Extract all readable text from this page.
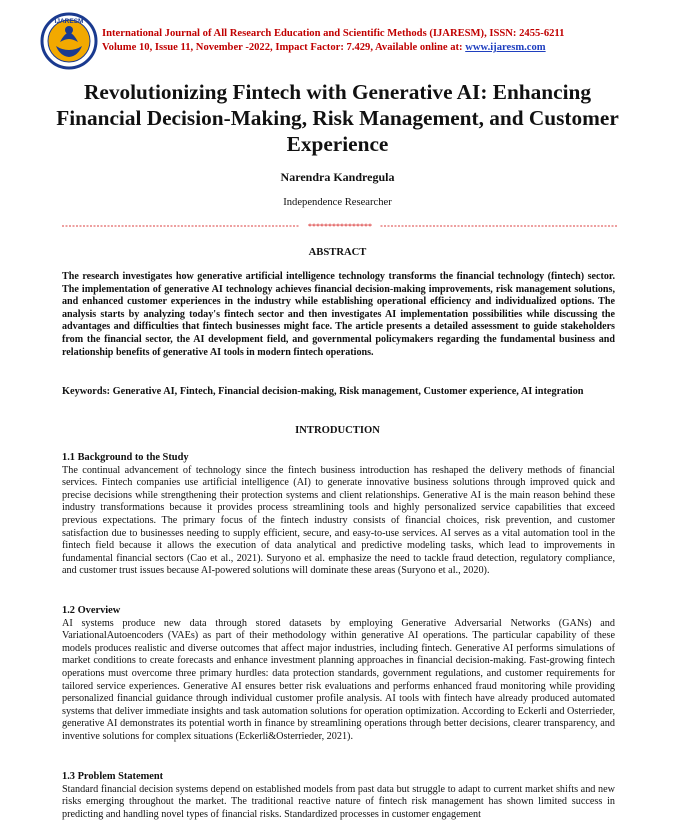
IJARESM
International Journal of All Research Education and Scientific Methods (IJARESM), ISSN: 2455-6211
Volume 10, Issue 11, November -2022, Impact Factor: 7.429, Available online at: www.ijaresm.com
Revolutionizing Fintech with Generative AI: Enhancing Financial Decision-Making, Risk Management, and Customer Experience
Narendra Kandregula
Independence Researcher
****************
ABSTRACT

The research investigates how generative artificial intelligence technology transforms the financial technology (fintech) sector. The implementation of generative AI technology achieves financial decision-making improvements, risk management solutions, and enhanced customer experiences in the industry while establishing operational efficiency and individualized options. The analysis starts by analyzing today's fintech sector and then investigates AI implementation possibilities while discussing the advantages and difficulties that fintech businesses might face. The article presents a detailed assessment to guide stakeholders from the financial sector, the AI development field, and governmental policymakers regarding the fundamental business and relationship benefits of generative AI tools in modern fintech operations.

Keywords: Generative AI, Fintech, Financial decision-making, Risk management, Customer experience, AI integration

INTRODUCTION
1.1 Background to the Study

The continual advancement of technology since the fintech business introduction has reshaped the delivery methods of financial services. Fintech companies use artificial intelligence (AI) to generate innovative business solutions through improved quick and precise decisions while strengthening their protection systems and client relationships. Generative AI is the main reason behind these industry transformations because it provides process streamlining tools and highly personalized service capabilities that exceed previous expectations. The primary focus of the fintech industry consists of financial choices, risk prevention, and customer satisfaction due to businesses needing to supply efficient, secure, and easy-to-use services. AI serves as a vital automation tool in the fintech field because it allows the execution of data analytical and predictive modeling tasks, which lead to improvements in fundamental financial sectors (Cao et al., 2021). Suryono et al. emphasize the need to tackle fraud detection, regulatory compliance, and customer trust issues because AI-powered solutions will dominate these areas (Suryono et al., 2020).

1.2 Overview

AI systems produce new data through stored datasets by employing Generative Adversarial Networks (GANs) and VariationalAutoencoders (VAEs) as part of their methodology within generative AI operations. The particular capability of these models produces realistic and diverse outcomes that affect major industries, including fintech. Generative AI performs simulations of market conditions to create forecasts and enhance investment planning approaches in financial decision-making. Fast-growing fintech operations must overcome three primary hurdles: data protection standards, government regulations, and customer requirements for tailored service experiences. Generative AI ensures better risk evaluations and performs enhanced fraud monitoring while providing personalized financial guidance through individual customer profile analysis. AI tools with fintech have already produced automated systems that deliver immediate insights and task automation solutions for operation optimization. According to Eckerli and Osterrieder, generative AI demonstrates its potential worth in finance by streamlining operations through better decisions, clearer transparency, and inventive solutions for complex situations (Eckerli&Osterrieder, 2021).

1.3 Problem Statement

Standard financial decision systems depend on established models from past data but struggle to adapt to current market shifts and new risks emerging throughout the market. The traditional reactive nature of fintech risk management has shown limited success in predicting and handling novel types of financial risks. Standardized processes in customer engagement
